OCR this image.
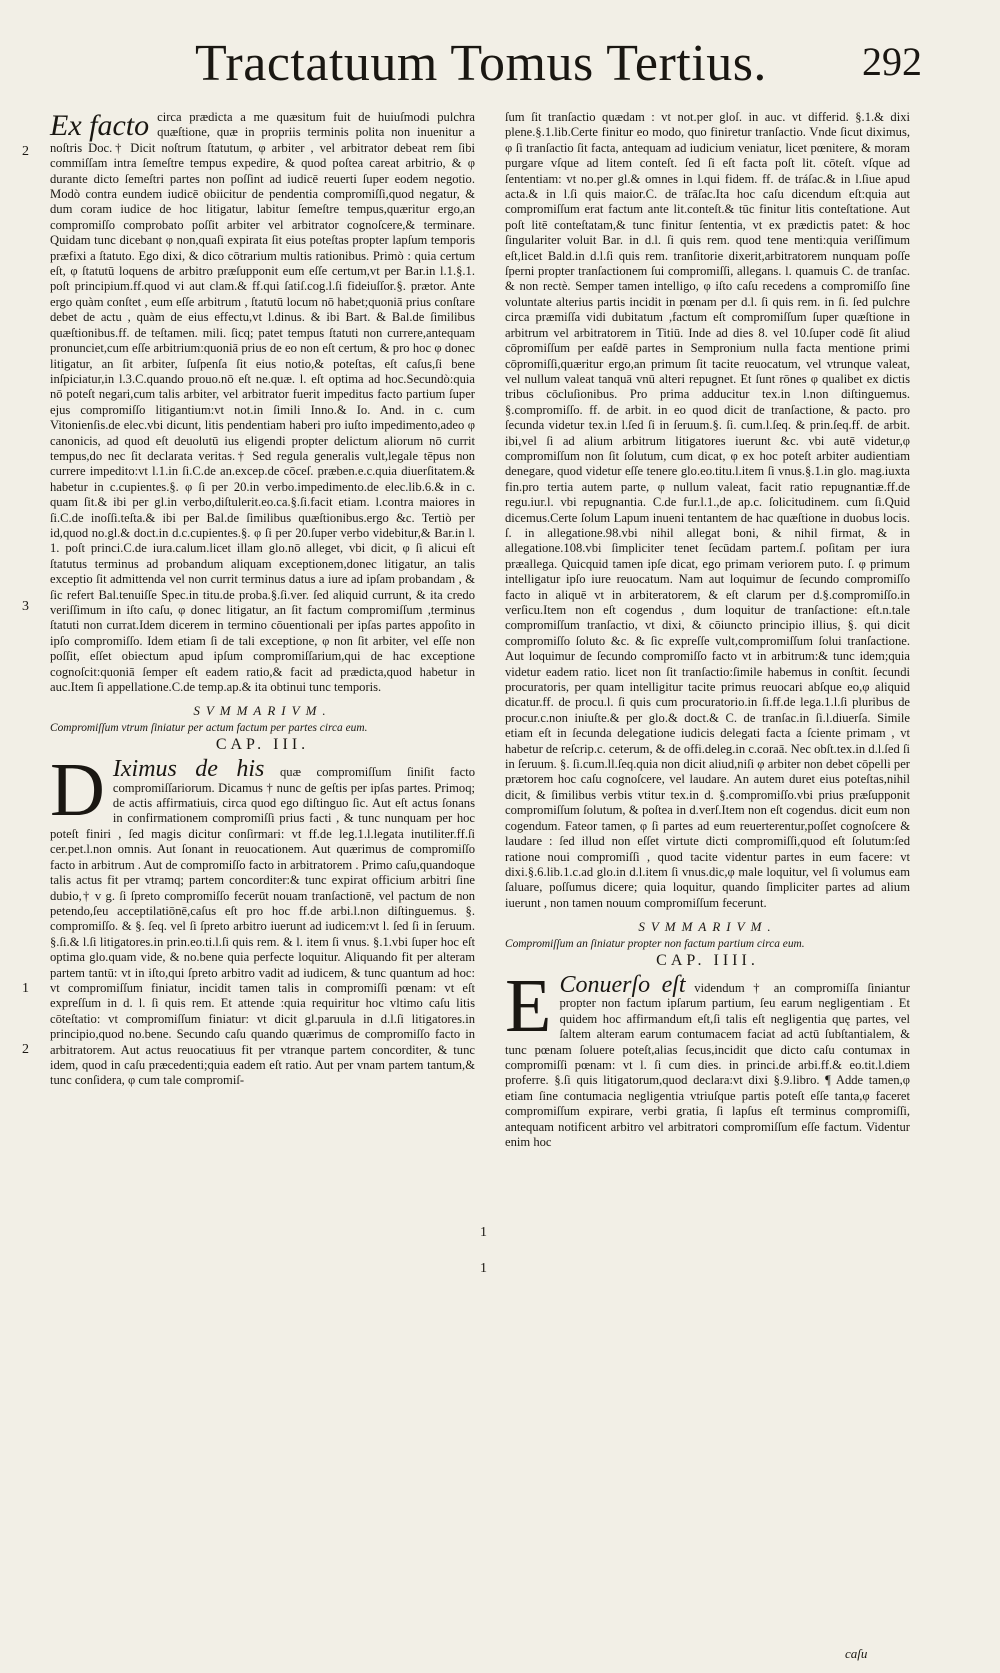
Tractatuum Tomus Tertius. 292
2
3
1
2
1
1

Ex facto circa prædicta a me quæsitum fuit de huiuſmodi pulchra quæſtione, quæ in propriis terminis polita non inuenitur a noſtris Doc.† Dicit noſtrum ſtatutum, φ arbiter , vel arbitrator debeat rem ſibi commiſſam intra ſemeſtre tempus expedire, & quod poſtea careat arbitrio, & φ durante dicto ſemeſtri partes non poſſint ad iudicē reuerti ſuper eodem negotio. Modò contra eundem iudicē obiicitur de pendentia compromiſſi,quod negatur, & dum coram iudice de hoc litigatur, labitur ſemeſtre tempus,quæritur ergo,an compromiſſo comprobato poſſit arbiter vel arbitrator cognoſcere,& terminare. Quidam tunc dicebant φ non,quaſi expirata ſit eius poteſtas propter lapſum temporis præfixi a ſtatuto. Ego dixi, & dico cōtrarium multis rationibus. Primò : quia certum eſt, φ ſtatutū loquens de arbitro præſupponit eum eſſe certum,vt per Bar.in l.1.§.1. poſt principium.ff.quod vi aut clam.& ff.qui ſatiſ.cog.l.ſi fideiuſſor.§. prætor. Ante ergo quàm conſtet , eum eſſe arbitrum , ſtatutū locum nō habet;quoniā prius conſtare debet de actu , quàm de eius effectu,vt l.dinus. & ibi Bart. & Bal.de ſimilibus quæſtionibus.ff. de teſtamen. mili. ſicq; patet tempus ſtatuti non currere,antequam pronunciet,cum eſſe arbitrium:quoniā prius de eo non eſt certum, & pro hoc φ donec litigatur, an ſit arbiter, ſuſpenſa ſit eius notio,& poteſtas, eſt caſus,ſi bene inſpiciatur,in l.3.C.quando prouo.nō eſt ne.quæ. l. eſt optima ad hoc.Secundò:quia nō poteſt negari,cum talis arbiter, vel arbitrator fuerit impeditus facto partium ſuper ejus compromiſſo litigantium:vt not.in ſimili Inno.& Io. And. in c. cum Vitonienſis.de elec.vbi dicunt, litis pendentiam haberi pro iuſto impedimento,adeo φ canonicis, ad quod eſt deuolutū ius eligendi propter delictum aliorum nō currit tempus,do nec ſit declarata veritas.† Sed regula generalis vult,legale tēpus non currere impedito:vt l.1.in ſi.C.de an.excep.de cōceſ. præben.e.c.quia diuerſitatem.& habetur in c.cupientes.§. φ ſi per 20.in verbo.impedimento.de elec.lib.6.& in c. quam ſit.& ibi per gl.in verbo,diſtulerit.eo.ca.§.ſi.facit etiam. l.contra maiores in ſi.C.de inoſſi.teſta.& ibi per Bal.de ſimilibus quæſtionibus.ergo &c. Tertiò per id,quod no.gl.& doct.in d.c.cupientes.§. φ ſi per 20.ſuper verbo videbitur,& Bar.in l. 1. poſt princi.C.de iura.calum.licet illam glo.nō alleget, vbi dicit, φ ſi alicui eſt ſtatutus terminus ad probandum aliquam exceptionem,donec litigatur, an talis exceptio ſit admittenda vel non currit terminus datus a iure ad ipſam probandam , & ſic refert Bal.tenuiſſe Spec.in titu.de proba.§.ſi.ver. ſed aliquid currunt, & ita credo veriſſimum in iſto caſu, φ donec litigatur, an ſit factum compromiſſum ,terminus ſtatuti non currat.Idem dicerem in termino cōuentionali per ipſas partes appoſito in ipſo compromiſſo. Idem etiam ſi de tali exceptione, φ non ſit arbiter, vel eſſe non poſſit, eſſet obiectum apud ipſum compromiſſarium,qui de hac exceptione cognoſcit:quoniā ſemper eſt eadem ratio,& facit ad prædicta,quod habetur in auc.Item ſi appellatione.C.de temp.ap.& ita obtinui tunc temporis.

SVMMARIVM.
Compromiſſum vtrum ſiniatur per actum factum per partes circa eum.
CAP. III.

D Iximus de his quæ compromiſſum ſiniſit facto compromiſſariorum. Dicamus † nunc de geſtis per ipſas partes. Primoq; de actis affirmatiuis, circa quod ego diſtinguo ſic. Aut eſt actus ſonans in confirmationem compromiſſi prius facti , & tunc nunquam per hoc poteſt finiri , ſed magis dicitur conſirmari: vt ff.de leg.1.l.legata inutiliter.ff.ſi cer.pet.l.non omnis. Aut ſonant in reuocationem. Aut quærimus de compromiſſo facto in arbitrum . Aut de compromiſſo facto in arbitratorem . Primo caſu,quandoque talis actus fit per vtramq; partem concorditer:& tunc expirat officium arbitri ſine dubio,† v g. ſi ſpreto compromiſſo fecerūt nouam tranſactionē, vel pactum de non petendo,ſeu acceptilatiōnē,caſus eſt pro hoc ff.de arbi.l.non diſtinguemus. §. compromiſſo. & §. ſeq. vel ſi ſpreto arbitro iuerunt ad iudicem:vt l. ſed ſi in ſeruum. §.ſi.& l.ſi litigatores.in prin.eo.ti.l.ſi quis rem. & l. item ſi vnus. §.1.vbi ſuper hoc eſt optima glo.quam vide, & no.bene quia perfecte loquitur. Aliquando fit per alteram partem tantū: vt in iſto,qui ſpreto arbitro vadit ad iudicem, & tunc quantum ad hoc: vt compromiſſum finiatur, incidit tamen talis in compromiſſi pœnam: vt eſt expreſſum in d. l. ſi quis rem. Et attende :quia requiritur hoc vltimo caſu litis cōteſtatio: vt compromiſſum finiatur: vt dicit gl.paruula in d.l.ſi litigatores.in principio,quod no.bene. Secundo caſu quando quærimus de compromiſſo facto in arbitratorem. Aut actus reuocatiuus fit per vtranque partem concorditer, & tunc idem, quod in caſu præcedenti;quia eadem eſt ratio. Aut per vnam partem tantum,& tunc conſidera, φ cum tale compromiſ-

ſum ſit tranſactio quædam : vt not.per gloſ. in auc. vt differid. §.1.& dixi plene.§.1.lib.Certe finitur eo modo, quo finiretur tranſactio. Vnde ſicut diximus, φ ſi tranſactio ſit facta, antequam ad iudicium veniatur, licet pœnitere, & moram purgare vſque ad litem conteſt. ſed ſi eſt facta poſt lit. cōteſt. vſque ad ſententiam: vt no.per gl.& omnes in l.qui fidem. ff. de tráſac.& in l.ſiue apud acta.& in l.ſi quis maior.C. de trāſac.Ita hoc caſu dicendum eſt:quia aut compromiſſum erat factum ante lit.conteſt.& tūc finitur litis conteſtatione. Aut poſt litē conteſtatam,& tunc finitur ſententia, vt ex prædictis patet: & hoc ſingulariter voluit Bar. in d.l. ſi quis rem. quod tene menti:quia veriſſimum eſt,licet Bald.in d.l.ſi quis rem. tranſitorie dixerit,arbitratorem nunquam poſſe ſperni propter tranſactionem ſui compromiſſi, allegans. l. quamuis C. de tranſac. & non rectè. Semper tamen intelligo, φ iſto caſu recedens a compromiſſo ſine voluntate alterius partis incidit in pœnam per d.l. ſi quis rem. in ſi. ſed pulchre circa præmiſſa vidi dubitatum ,factum eſt compromiſſum ſuper quæſtione in arbitrum vel arbitratorem in Titiū. Inde ad dies 8. vel 10.ſuper codē ſit aliud cōpromiſſum per eaſdē partes in Sempronium nulla facta mentione primi cōpromiſſi,quæritur ergo,an primum ſit tacite reuocatum, vel vtrunque valeat, vel nullum valeat tanquā vnū alteri repugnet. Et ſunt rōnes φ qualibet ex dictis tribus cōcluſionibus. Pro prima adducitur tex.in l.non diſtinguemus. §.compromiſſo. ff. de arbit. in eo quod dicit de tranſactione, & pacto. pro ſecunda videtur tex.in l.ſed ſi in ſeruum.§. ſi. cum.l.ſeq. & prin.ſeq.ff. de arbit. ibi,vel ſi ad alium arbitrum litigatores iuerunt &c. vbi autē videtur,φ compromiſſum non ſit ſolutum, cum dicat, φ ex hoc poteſt arbiter audientiam denegare, quod videtur eſſe tenere glo.eo.titu.l.item ſi vnus.§.1.in glo. mag.iuxta fin.pro tertia autem parte, φ nullum valeat, facit ratio repugnantiæ.ff.de regu.iur.l. vbi repugnantia. C.de fur.l.1.,de ap.c. ſolicitudinem. cum ſi.Quid dicemus.Certe ſolum Lapum inueni tentantem de hac quæſtione in duobus locis. ſ. in allegatione.98.vbi nihil allegat boni, & nihil firmat, & in allegatione.108.vbi ſimpliciter tenet ſecūdam partem.ſ. poſitam per iura præallega. Quicquid tamen ipſe dicat, ego primam veriorem puto. ſ. φ primum intelligatur ipſo iure reuocatum. Nam aut loquimur de ſecundo compromiſſo facto in aliquē vt in arbiteratorem, & eſt clarum per d.§.compromiſſo.in verſicu.Item non eſt cogendus , dum loquitur de tranſactione: eſt.n.tale compromiſſum tranſactio, vt dixi, & cōiuncto principio illius, §. qui dicit compromiſſo ſoluto &c. & ſic expreſſe vult,compromiſſum ſolui tranſactione. Aut loquimur de ſecundo compromiſſo facto vt in arbitrum:& tunc idem;quia videtur eadem ratio. licet non ſit tranſactio:ſimile habemus in conſtit. ſecundi procuratoris, per quam intelligitur tacite primus reuocari abſque eo,φ aliquid dicatur.ff. de procu.l. ſi quis cum procuratorio.in ſi.ff.de lega.1.l.ſi pluribus de procur.c.non iniuſte.& per glo.& doct.& C. de tranſac.in ſi.l.diuerſa. Simile etiam eſt in ſecunda delegatione iudicis delegati facta a ſciente primam , vt habetur de reſcrip.c. ceterum, & de offi.deleg.in c.coraā. Nec obſt.tex.in d.l.ſed ſi in ſeruum. §. ſi.cum.ll.ſeq.quia non dicit aliud,niſi φ arbiter non debet cōpelli per prætorem hoc caſu cognoſcere, vel laudare. An autem duret eius poteſtas,nihil dicit, & ſimilibus verbis vtitur tex.in d. §.compromiſſo.vbi prius præſupponit compromiſſum ſolutum, & poſtea in d.verſ.Item non eſt cogendus. dicit eum non cogendum. Fateor tamen, φ ſi partes ad eum reuerterentur,poſſet cognoſcere & laudare : ſed illud non eſſet virtute dicti compromiſſi,quod eſt ſolutum:ſed ratione noui compromiſſi , quod tacite videntur partes in eum facere: vt dixi.§.6.lib.1.c.ad glo.in d.l.item ſi vnus.dic,φ male loquitur, vel ſi volumus eam ſaluare, poſſumus dicere; quia loquitur, quando ſimpliciter partes ad alium iuerunt , non tamen nouum compromiſſum fecerunt.

SVMMARIVM.
Compromiſſum an ſiniatur propter non factum partium circa eum.
CAP. IIII.

E Conuerſo eſt videndum † an compromiſſa ſiniantur propter non factum ipſarum partium, ſeu earum negligentiam . Et quidem hoc affirmandum eſt,ſi talis eſt negligentia quę partes, vel ſaltem alteram earum contumacem faciat ad actū ſubſtantialem, & tunc pœnam ſoluere poteſt,alias ſecus,incidit que dicto caſu contumax in compromiſſi pœnam: vt l. ſi cum dies. in princi.de arbi.ff.& eo.tit.l.diem proferre. §.ſi quis litigatorum,quod declara:vt dixi §.9.libro. ¶ Adde tamen,φ etiam ſine contumacia negligentia vtriuſque partis poteſt eſſe tanta,φ faceret compromiſſum expirare, verbi gratia, ſi lapſus eſt terminus compromiſſi, antequam notificent arbitro vel arbitratori compromiſſum eſſe factum. Videntur enim hoc

caſu
